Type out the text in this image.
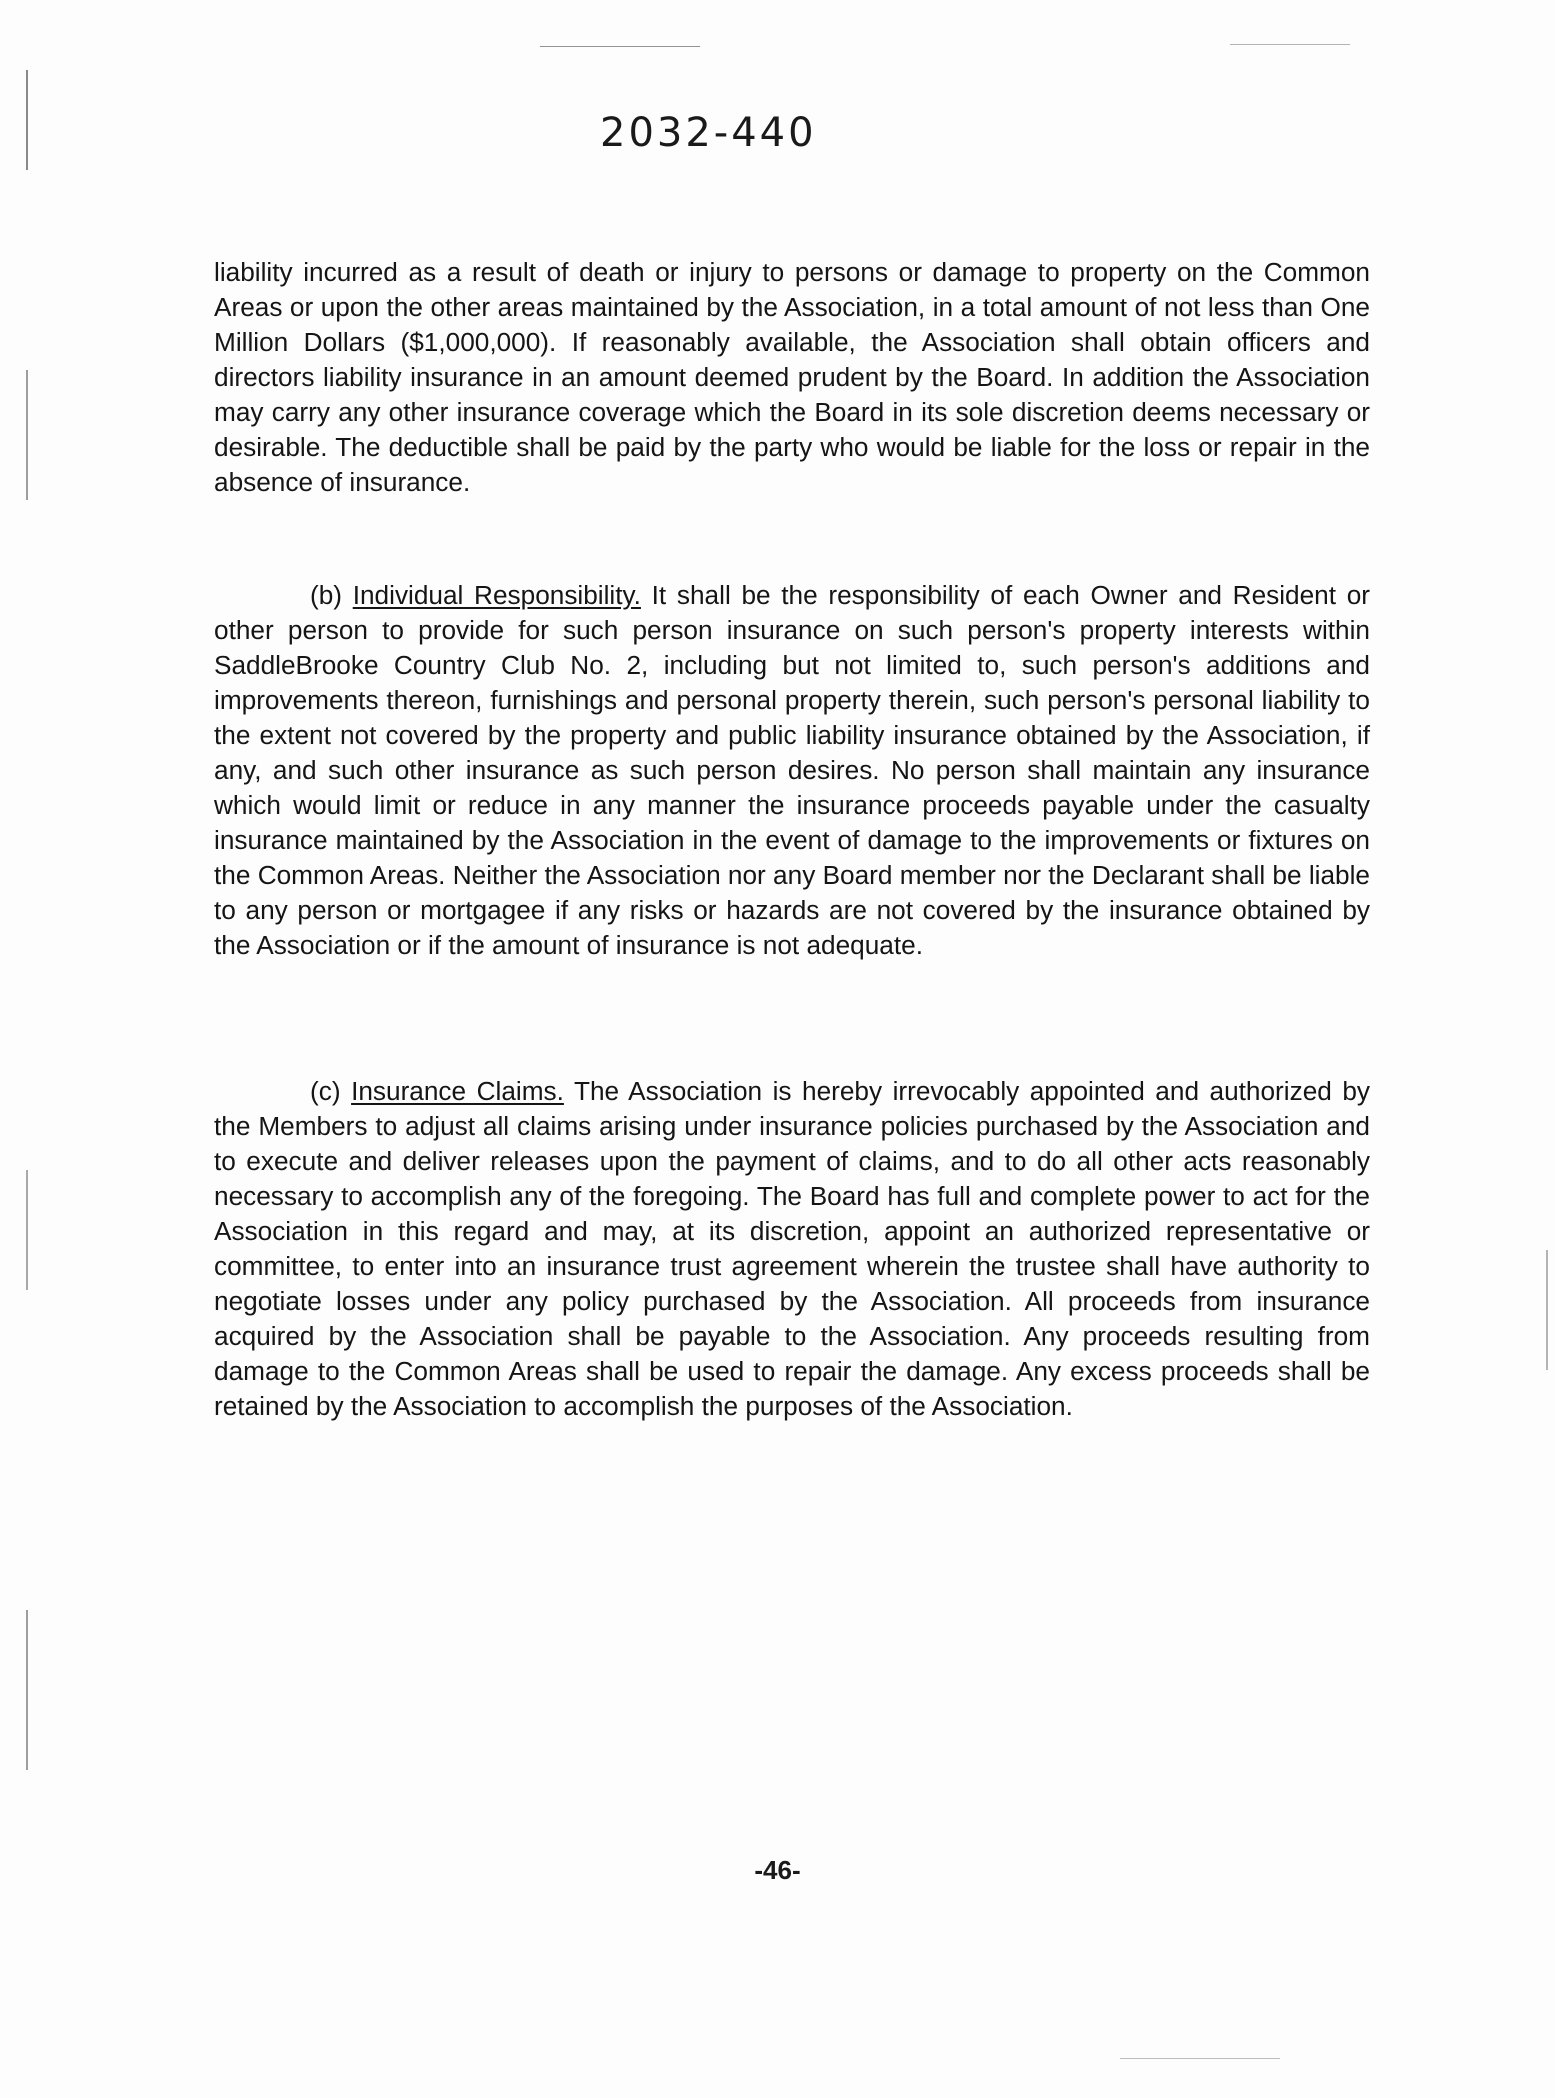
2032-440

liability incurred as a result of death or injury to persons or damage to property on the Common Areas or upon the other areas maintained by the Association, in a total amount of not less than One Million Dollars ($1,000,000). If reasonably available, the Association shall obtain officers and directors liability insurance in an amount deemed prudent by the Board. In addition the Association may carry any other insurance coverage which the Board in its sole discretion deems necessary or desirable. The deductible shall be paid by the party who would be liable for the loss or repair in the absence of insurance.

(b) Individual Responsibility. It shall be the responsibility of each Owner and Resident or other person to provide for such person insurance on such person's property interests within SaddleBrooke Country Club No. 2, including but not limited to, such person's additions and improvements thereon, furnishings and personal property therein, such person's personal liability to the extent not covered by the property and public liability insurance obtained by the Association, if any, and such other insurance as such person desires. No person shall maintain any insurance which would limit or reduce in any manner the insurance proceeds payable under the casualty insurance maintained by the Association in the event of damage to the improvements or fixtures on the Common Areas. Neither the Association nor any Board member nor the Declarant shall be liable to any person or mortgagee if any risks or hazards are not covered by the insurance obtained by the Association or if the amount of insurance is not adequate.

(c) Insurance Claims. The Association is hereby irrevocably appointed and authorized by the Members to adjust all claims arising under insurance policies purchased by the Association and to execute and deliver releases upon the payment of claims, and to do all other acts reasonably necessary to accomplish any of the foregoing. The Board has full and complete power to act for the Association in this regard and may, at its discretion, appoint an authorized representative or committee, to enter into an insurance trust agreement wherein the trustee shall have authority to negotiate losses under any policy purchased by the Association. All proceeds from insurance acquired by the Association shall be payable to the Association. Any proceeds resulting from damage to the Common Areas shall be used to repair the damage. Any excess proceeds shall be retained by the Association to accomplish the purposes of the Association.

-46-
